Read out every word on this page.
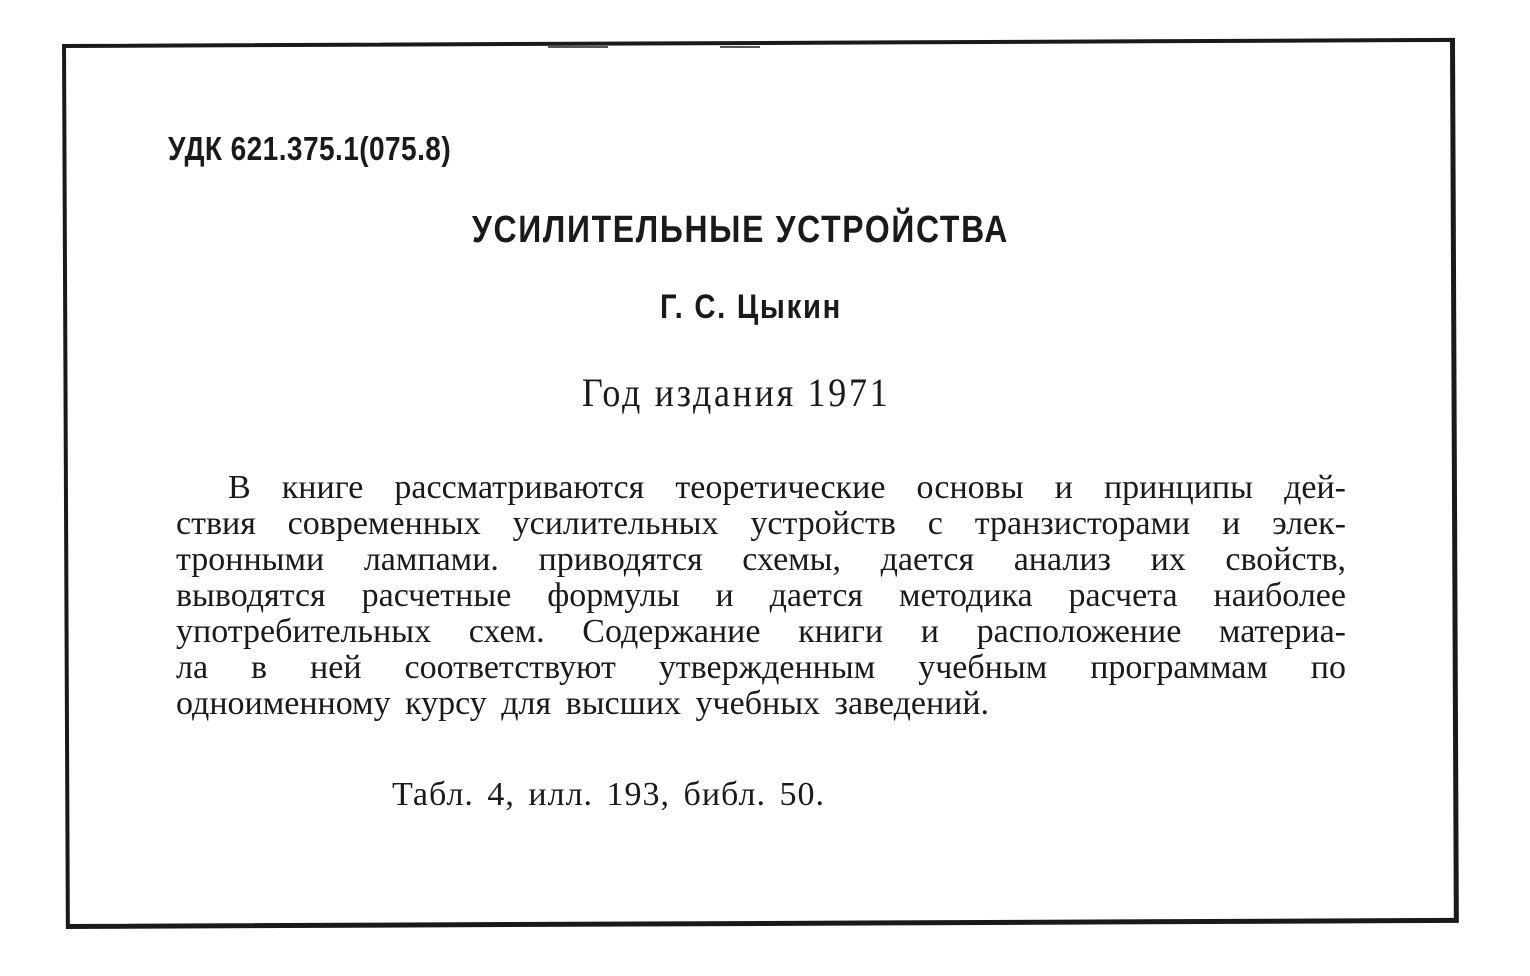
УДК 621.375.1(075.8)
УСИЛИТЕЛЬНЫЕ УСТРОЙСТВА
Г. С. Цыкин
Год издания 1971
В книге рассматриваются теоретические основы и принципы дей-
ствия современных усилительных устройств с транзисторами и элек-
тронными лампами. приводятся схемы, дается анализ их свойств,
выводятся расчетные формулы и дается методика расчета наиболее
употребительных схем. Содержание книги и расположение материа-
ла в ней соответствуют утвержденным учебным программам по
одноименному курсу для высших учебных заведений.
Табл. 4, илл. 193, библ. 50.
